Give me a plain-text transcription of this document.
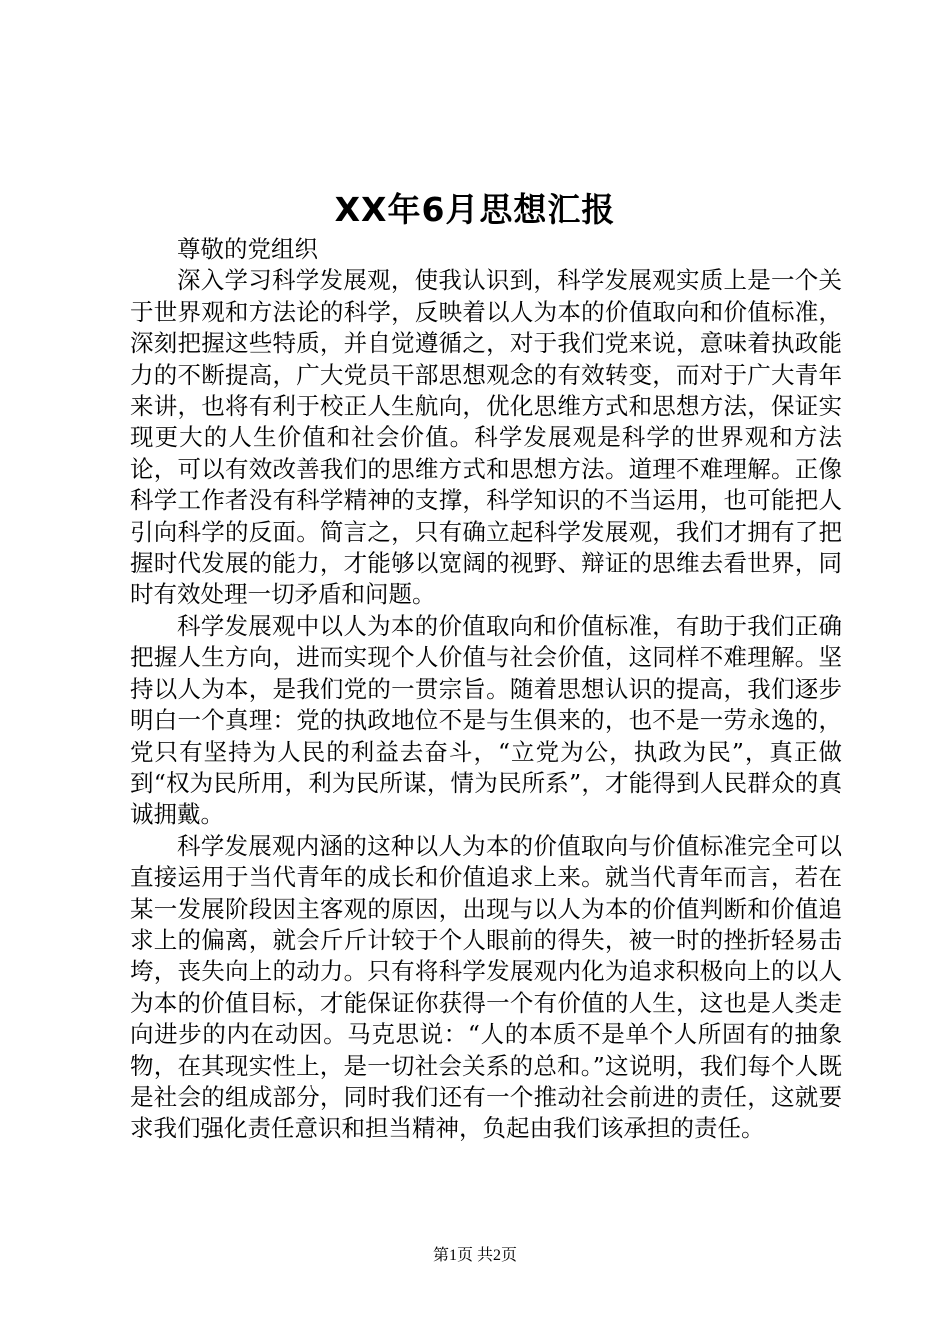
XX年6月思想汇报

尊敬的党组织

深入学习科学发展观，使我认识到，科学发展观实质上是一个关于世界观和方法论的科学，反映着以人为本的价值取向和价值标准，深刻把握这些特质，并自觉遵循之，对于我们党来说，意味着执政能力的不断提高，广大党员干部思想观念的有效转变，而对于广大青年来讲，也将有利于校正人生航向，优化思维方式和思想方法，保证实现更大的人生价值和社会价值。科学发展观是科学的世界观和方法论，可以有效改善我们的思维方式和思想方法。道理不难理解。正像科学工作者没有科学精神的支撑，科学知识的不当运用，也可能把人引向科学的反面。简言之，只有确立起科学发展观，我们才拥有了把握时代发展的能力，才能够以宽阔的视野、辩证的思维去看世界，同时有效处理一切矛盾和问题。

科学发展观中以人为本的价值取向和价值标准，有助于我们正确把握人生方向，进而实现个人价值与社会价值，这同样不难理解。坚持以人为本，是我们党的一贯宗旨。随着思想认识的提高，我们逐步明白一个真理：党的执政地位不是与生俱来的，也不是一劳永逸的，党只有坚持为人民的利益去奋斗，“立党为公，执政为民”，真正做到“权为民所用，利为民所谋，情为民所系”，才能得到人民群众的真诚拥戴。

科学发展观内涵的这种以人为本的价值取向与价值标准完全可以直接运用于当代青年的成长和价值追求上来。就当代青年而言，若在某一发展阶段因主客观的原因，出现与以人为本的价值判断和价值追求上的偏离，就会斤斤计较于个人眼前的得失，被一时的挫折轻易击垮，丧失向上的动力。只有将科学发展观内化为追求积极向上的以人为本的价值目标，才能保证你获得一个有价值的人生，这也是人类走向进步的内在动因。马克思说：“人的本质不是单个人所固有的抽象物，在其现实性上，是一切社会关系的总和。”这说明，我们每个人既是社会的组成部分，同时我们还有一个推动社会前进的责任，这就要求我们强化责任意识和担当精神，负起由我们该承担的责任。

第1页 共2页
